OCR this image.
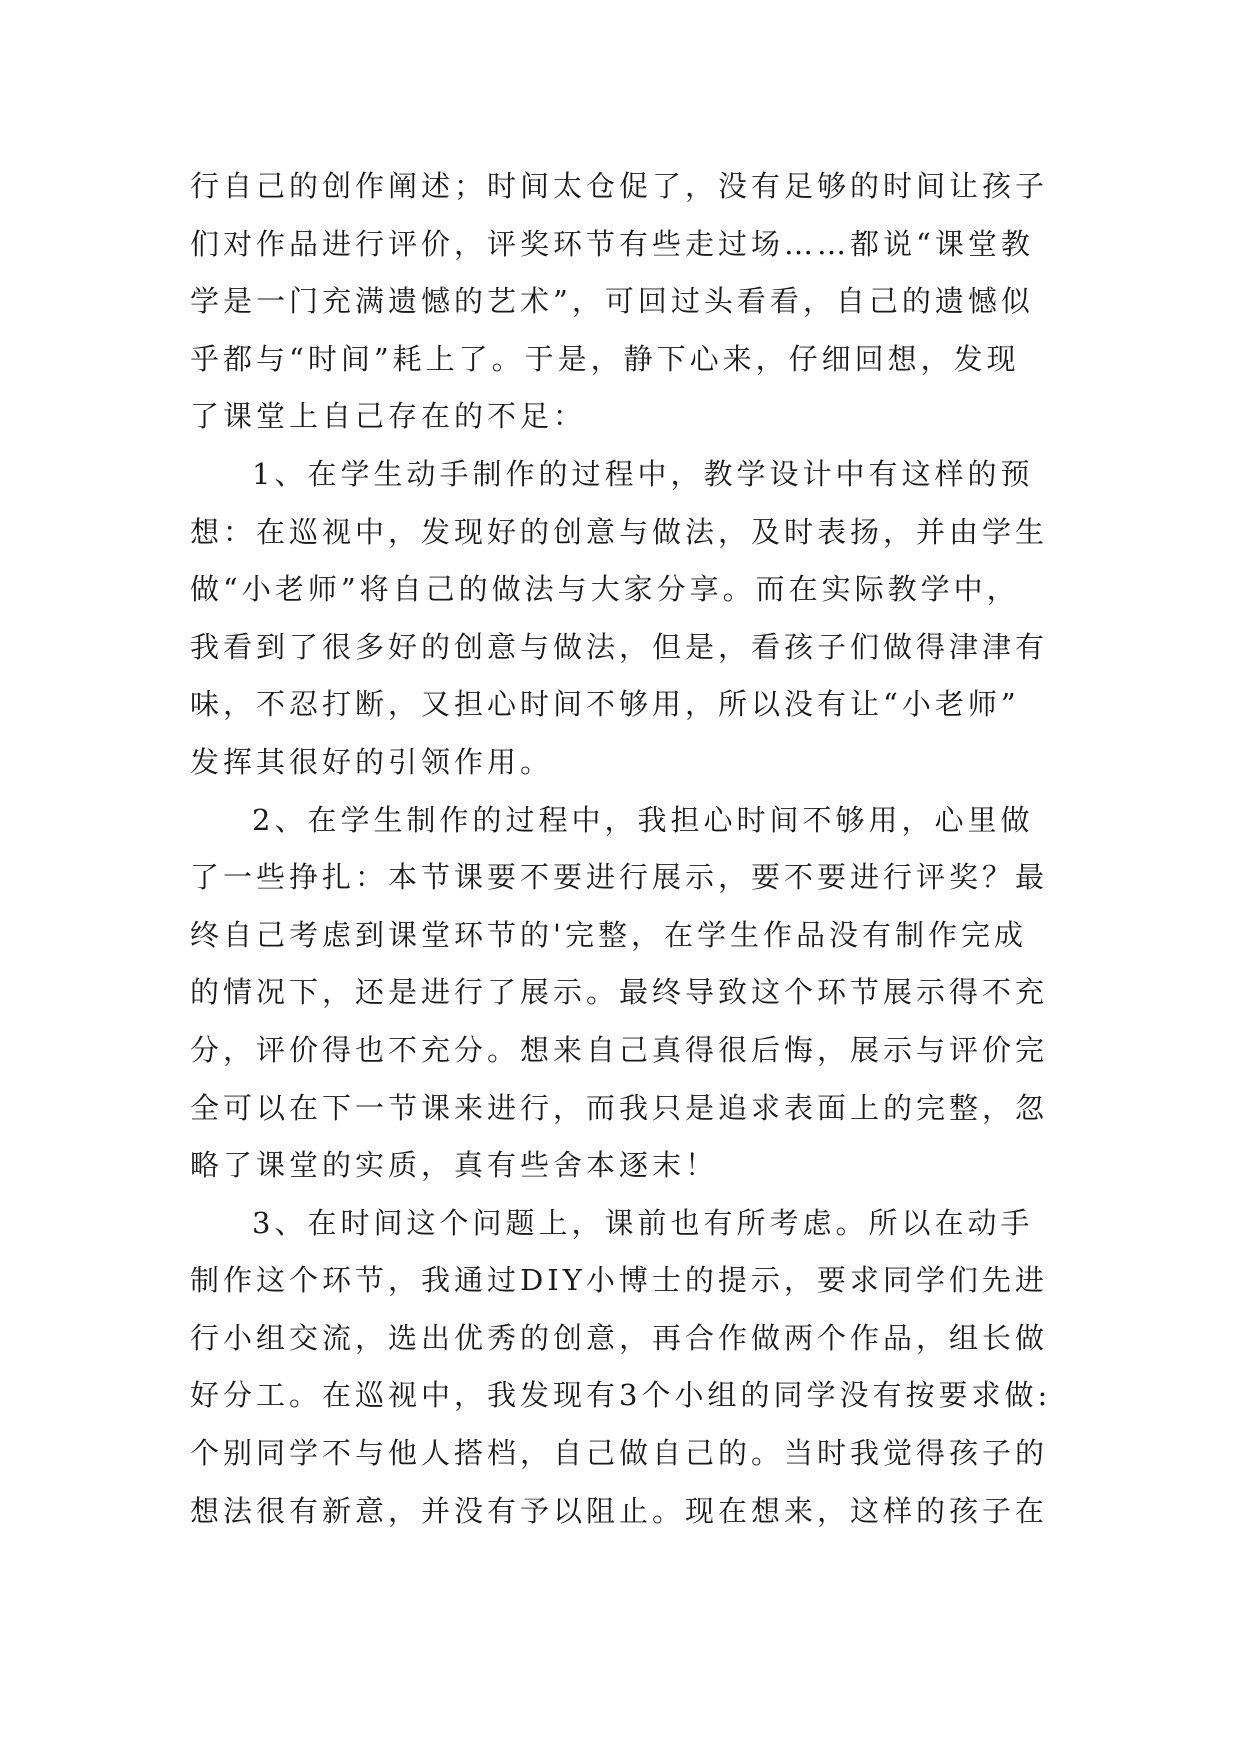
行自己的创作阐述；时间太仓促了，没有足够的时间让孩子
们对作品进行评价，评奖环节有些走过场……都说“课堂教
学是一门充满遗憾的艺术”，可回过头看看，自己的遗憾似
乎都与“时间”耗上了。于是，静下心来，仔细回想，发现
了课堂上自己存在的不足：
1、在学生动手制作的过程中，教学设计中有这样的预
想：在巡视中，发现好的创意与做法，及时表扬，并由学生
做“小老师”将自己的做法与大家分享。而在实际教学中，
我看到了很多好的创意与做法，但是，看孩子们做得津津有
味，不忍打断，又担心时间不够用，所以没有让“小老师”
发挥其很好的引领作用。
2、在学生制作的过程中，我担心时间不够用，心里做
了一些挣扎：本节课要不要进行展示，要不要进行评奖？最
终自己考虑到课堂环节的'完整，在学生作品没有制作完成
的情况下，还是进行了展示。最终导致这个环节展示得不充
分，评价得也不充分。想来自己真得很后悔，展示与评价完
全可以在下一节课来进行，而我只是追求表面上的完整，忽
略了课堂的实质，真有些舍本逐末！
3、在时间这个问题上，课前也有所考虑。所以在动手
制作这个环节，我通过DIY小博士的提示，要求同学们先进
行小组交流，选出优秀的创意，再合作做两个作品，组长做
好分工。在巡视中，我发现有3个小组的同学没有按要求做:
个别同学不与他人搭档，自己做自己的。当时我觉得孩子的
想法很有新意，并没有予以阻止。现在想来，这样的孩子在
